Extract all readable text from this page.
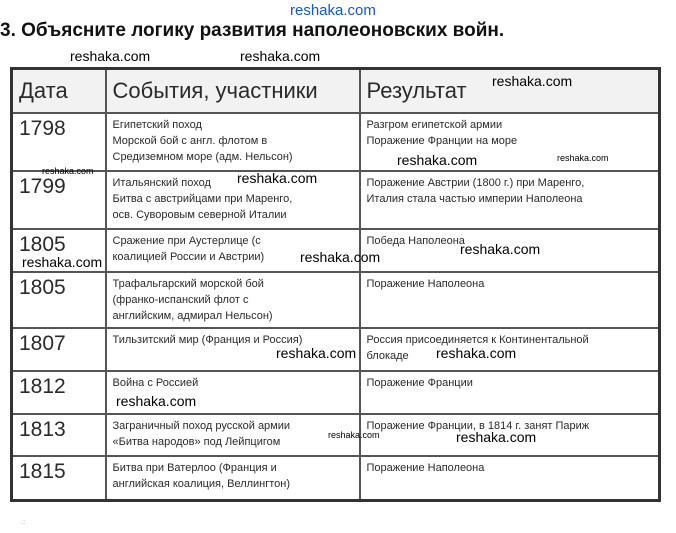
3. Объясните логику развития наполеоновских войн.
Дата	События, участники	Результат
1798	Египетский поход
Морской бой с англ. флотом в
Средиземном море (адм. Нельсон)	Разгром египетской армии
Поражение Франции на море

1799	Итальянский поход
Битва с австрийцами при Маренго,
осв. Суворовым северной Италии	Поражение Австрии (1800 г.) при Маренго,
Италия стала частью империи Наполеона

1805	Сражение при Аустерлице (с
коалицией России и Австрии)	Победа Наполеона

1805	Трафальгарский морской бой
(франко-испанский флот с
английским, адмирал Нельсон)	Поражение Наполеона

1807	Тильзитский мир (Франция и Россия)	Россия присоединяется к Континентальной
блокаде

1812	Война с Россией	Поражение Франции

1813	Заграничный поход русской армии
«Битва народов» под Лейпцигом	Поражение Франции, в 1814 г. занят Париж

1815	Битва при Ватерлоо (Франция и
английская коалиция, Веллингтон)	Поражение Наполеона
reshaka.com
reshaka.com	reshaka.com
reshaka.com
reshaka.com	reshaka.com
reshaka.com	reshaka.com
reshaka.com	reshaka.com
reshaka.com
reshaka.com	reshaka.com
reshaka.com
reshaka.com	reshaka.com
·::
